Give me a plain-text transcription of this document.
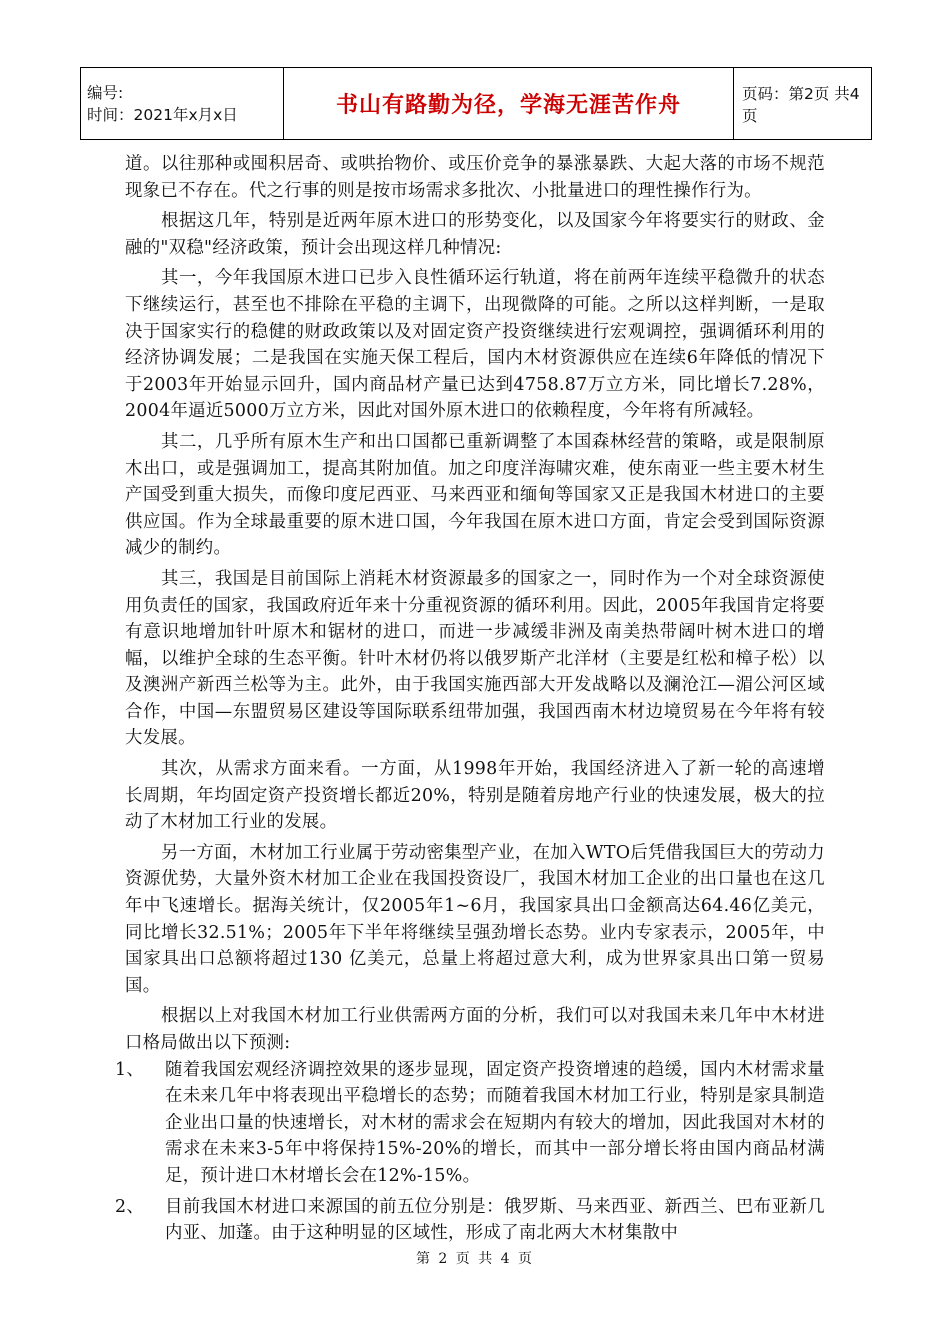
编号:
时间：2021年x月x日	书山有路勤为径，学海无涯苦作舟	页码：第2页 共4页

道。以往那种或囤积居奇、或哄抬物价、或压价竞争的暴涨暴跌、大起大落的市场不规范现象已不存在。代之行事的则是按市场需求多批次、小批量进口的理性操作行为。

根据这几年，特别是近两年原木进口的形势变化，以及国家今年将要实行的财政、金融的"双稳"经济政策，预计会出现这样几种情况:

其一，今年我国原木进口已步入良性循环运行轨道，将在前两年连续平稳微升的状态下继续运行，甚至也不排除在平稳的主调下，出现微降的可能。之所以这样判断，一是取决于国家实行的稳健的财政政策以及对固定资产投资继续进行宏观调控，强调循环利用的经济协调发展；二是我国在实施天保工程后，国内木材资源供应在连续6年降低的情况下于2003年开始显示回升，国内商品材产量已达到4758.87万立方米，同比增长7.28%，2004年逼近5000万立方米，因此对国外原木进口的依赖程度，今年将有所减轻。

其二，几乎所有原木生产和出口国都已重新调整了本国森林经营的策略，或是限制原木出口，或是强调加工，提高其附加值。加之印度洋海啸灾难，使东南亚一些主要木材生产国受到重大损失，而像印度尼西亚、马来西亚和缅甸等国家又正是我国木材进口的主要供应国。作为全球最重要的原木进口国，今年我国在原木进口方面，肯定会受到国际资源减少的制约。

其三，我国是目前国际上消耗木材资源最多的国家之一，同时作为一个对全球资源使用负责任的国家，我国政府近年来十分重视资源的循环利用。因此，2005年我国肯定将要有意识地增加针叶原木和锯材的进口，而进一步减缓非洲及南美热带阔叶树木进口的增幅，以维护全球的生态平衡。针叶木材仍将以俄罗斯产北洋材（主要是红松和樟子松）以及澳洲产新西兰松等为主。此外，由于我国实施西部大开发战略以及澜沧江—湄公河区域合作，中国—东盟贸易区建设等国际联系纽带加强，我国西南木材边境贸易在今年将有较大发展。

其次，从需求方面来看。一方面，从1998年开始，我国经济进入了新一轮的高速增长周期，年均固定资产投资增长都近20%，特别是随着房地产行业的快速发展，极大的拉动了木材加工行业的发展。

另一方面，木材加工行业属于劳动密集型产业，在加入WTO后凭借我国巨大的劳动力资源优势，大量外资木材加工企业在我国投资设厂，我国木材加工企业的出口量也在这几年中飞速增长。据海关统计，仅2005年1~6月，我国家具出口金额高达64.46亿美元，同比增长32.51%；2005年下半年将继续呈强劲增长态势。业内专家表示，2005年，中国家具出口总额将超过130 亿美元，总量上将超过意大利，成为世界家具出口第一贸易国。

根据以上对我国木材加工行业供需两方面的分析，我们可以对我国未来几年中木材进口格局做出以下预测:

1、	随着我国宏观经济调控效果的逐步显现，固定资产投资增速的趋缓，国内木材需求量在未来几年中将表现出平稳增长的态势；而随着我国木材加工行业，特别是家具制造企业出口量的快速增长，对木材的需求会在短期内有较大的增加，因此我国对木材的需求在未来3-5年中将保持15%-20%的增长，而其中一部分增长将由国内商品材满足，预计进口木材增长会在12%-15%。
2、	目前我国木材进口来源国的前五位分别是：俄罗斯、马来西亚、新西兰、巴布亚新几内亚、加蓬。由于这种明显的区域性，形成了南北两大木材集散中
第 2 页 共 4 页
